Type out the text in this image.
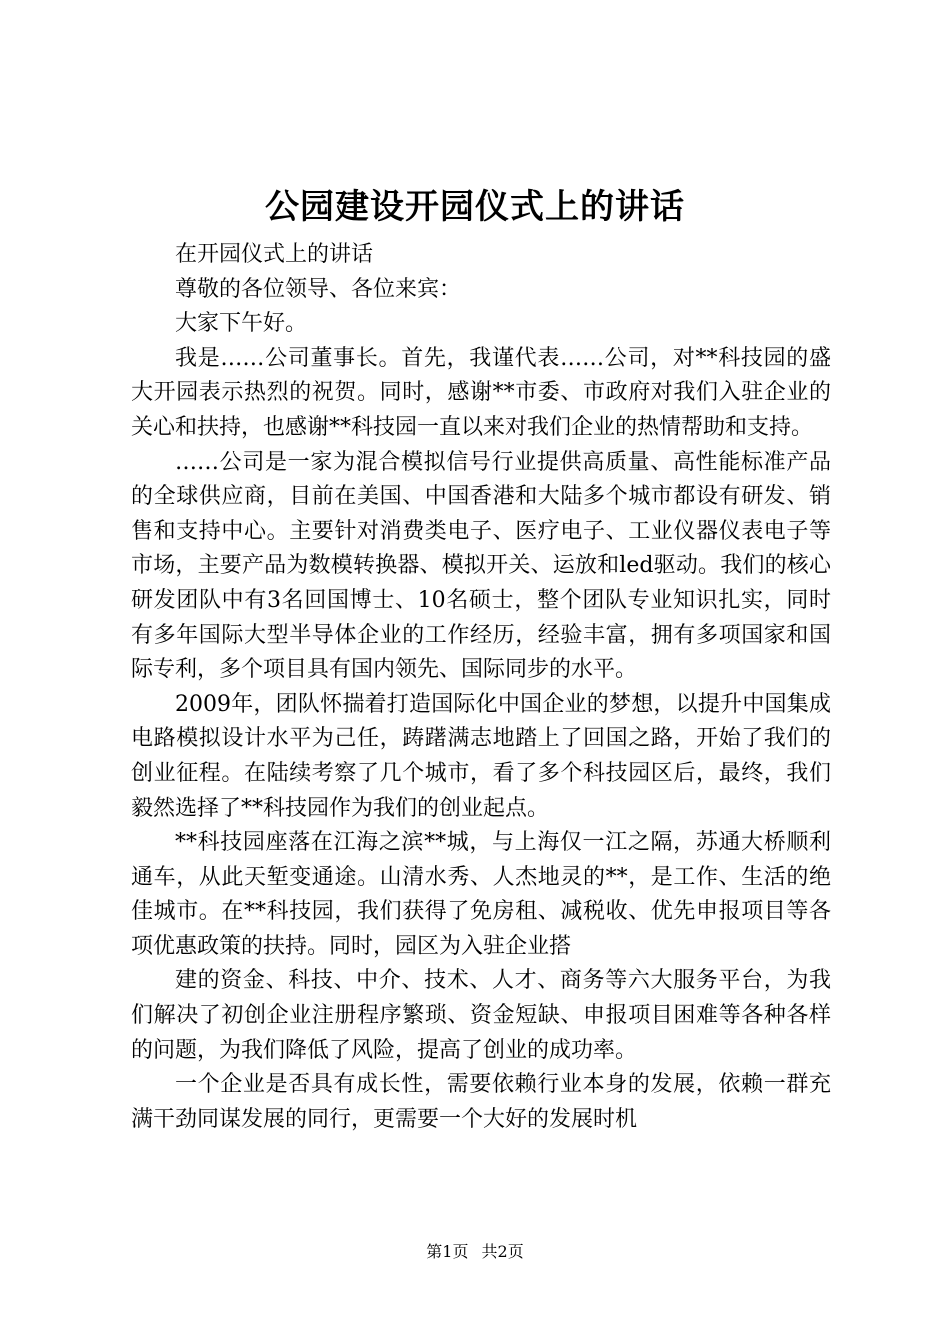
公园建设开园仪式上的讲话

在开园仪式上的讲话

尊敬的各位领导、各位来宾：

大家下午好。

我是……公司董事长。首先，我谨代表……公司，对**科技园的盛大开园表示热烈的祝贺。同时，感谢**市委、市政府对我们入驻企业的关心和扶持，也感谢**科技园一直以来对我们企业的热情帮助和支持。

……公司是一家为混合模拟信号行业提供高质量、高性能标准产品的全球供应商，目前在美国、中国香港和大陆多个城市都设有研发、销售和支持中心。主要针对消费类电子、医疗电子、工业仪器仪表电子等市场，主要产品为数模转换器、模拟开关、运放和led驱动。我们的核心研发团队中有3名回国博士、10名硕士，整个团队专业知识扎实，同时有多年国际大型半导体企业的工作经历，经验丰富，拥有多项国家和国际专利，多个项目具有国内领先、国际同步的水平。

2009年，团队怀揣着打造国际化中国企业的梦想，以提升中国集成电路模拟设计水平为己任，踌躇满志地踏上了回国之路，开始了我们的创业征程。在陆续考察了几个城市，看了多个科技园区后，最终，我们毅然选择了**科技园作为我们的创业起点。

**科技园座落在江海之滨**城，与上海仅一江之隔，苏通大桥顺利通车，从此天堑变通途。山清水秀、人杰地灵的**，是工作、生活的绝佳城市。在**科技园，我们获得了免房租、减税收、优先申报项目等各项优惠政策的扶持。同时，园区为入驻企业搭

建的资金、科技、中介、技术、人才、商务等六大服务平台，为我们解决了初创企业注册程序繁琐、资金短缺、申报项目困难等各种各样的问题，为我们降低了风险，提高了创业的成功率。

一个企业是否具有成长性，需要依赖行业本身的发展，依赖一群充满干劲同谋发展的同行，更需要一个大好的发展时机

第1页 共2页
